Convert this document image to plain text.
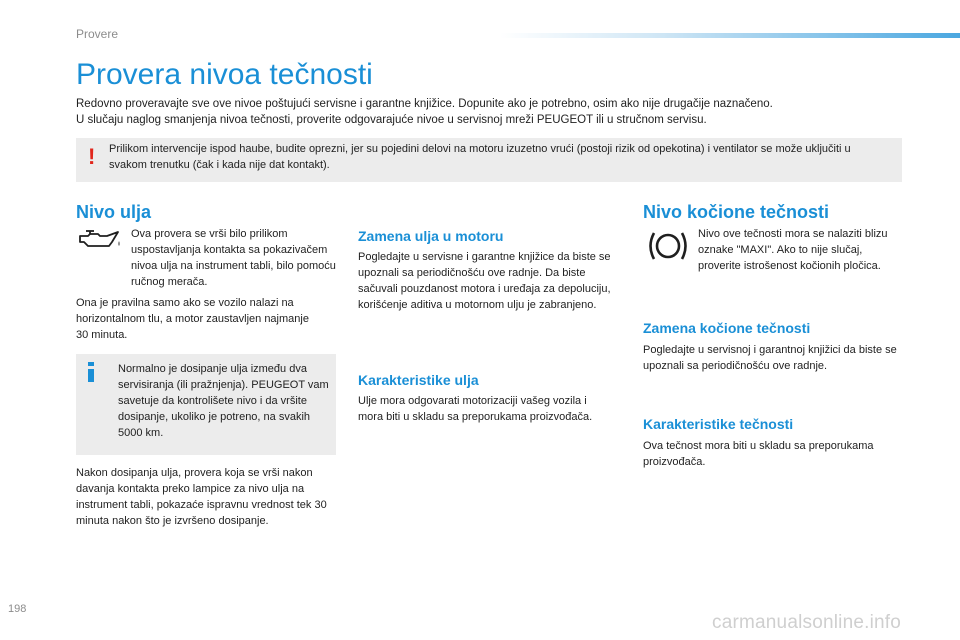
Provere
Provera nivoa tečnosti

Redovno proveravajte sve ove nivoe poštujući servisne i garantne knjižice. Dopunite ako je potrebno, osim ako nije drugačije naznačeno.

U slučaju naglog smanjenja nivoa tečnosti, proverite odgovarajuće nivoe u servisnoj mreži PEUGEOT ili u stručnom servisu.

! Prilikom intervencije ispod haube, budite oprezni, jer su pojedini delovi na motoru izuzetno vrući (postoji rizik od opekotina) i ventilator se može uključiti u svakom trenutku (čak i kada nije dat kontakt).
Nivo ulja

Ova provera se vrši bilo prilikom uspostavljanja kontakta sa pokazivačem nivoa ulja na instrument tabli, bilo pomoću ručnog merača.

Ona je pravilna samo ako se vozilo nalazi na horizontalnom tlu, a motor zaustavljen najmanje 30 minuta.

Normalno je dosipanje ulja između dva servisiranja (ili pražnjenja). PEUGEOT vam savetuje da kontrolišete nivo i da vršite dosipanje, ukoliko je potreno, na svakih 5000 km.

Nakon dosipanja ulja, provera koja se vrši nakon davanja kontakta preko lampice za nivo ulja na instrument tabli, pokazaće ispravnu vrednost tek 30 minuta nakon što je izvršeno dosipanje.

Zamena ulja u motoru

Pogledajte u servisne i garantne knjižice da biste se upoznali sa periodičnošću ove radnje. Da biste sačuvali pouzdanost motora i uređaja za depoluciju, korišćenje aditiva u motornom ulju je zabranjeno.

Karakteristike ulja

Ulje mora odgovarati motorizaciji vašeg vozila i mora biti u skladu sa preporukama proizvođača.

Nivo kočione tečnosti

Nivo ove tečnosti mora se nalaziti blizu oznake "MAXI". Ako to nije slučaj, proverite istrošenost kočionih pločica.

Zamena kočione tečnosti

Pogledajte u servisnoj i garantnoj knjižici da biste se upoznali sa periodičnošću ove radnje.

Karakteristike tečnosti

Ova tečnost mora biti u skladu sa preporukama proizvođača.

198
carmanualsonline.info
